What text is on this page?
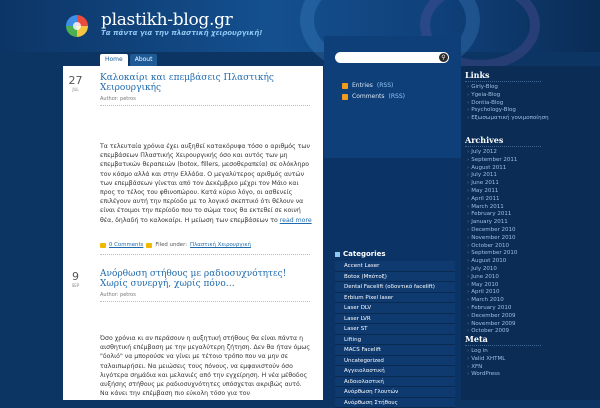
plastikh-blog.gr
Τα πάντα για την πλαστική χειρουργική!
Home	About
27
JUL
Καλοκαίρι και επεμβάσεις Πλαστικής Χειρουργικής
Author: petros
Τα τελευταία χρόνια έχει αυξηθεί κατακόρυφα τόσο ο αριθμός των επεμβάσεων Πλαστικής Χειρουργικής όσο και αυτός των μη επεμβατικών θεραπειών (botox, fillers, μεσοθεραπεία) σε ολόκληρο τον κόσμο αλλά και στην Ελλάδα. Ο μεγαλύτερος αριθμός αυτών των επεμβάσεων γίνεται από τον Δεκέμβριο μέχρι τον Μάιο και προς το τέλος του φθινοπώρου. Κατά κύριο λόγο, οι ασθενείς επιλέγουν αυτή την περίοδο με το λογικό σκεπτικό ότι θέλουν να είναι έτοιμοι την περίοδο που το σώμα τους θα εκτεθεί σε κοινή θέα, δηλαδή το καλοκαίρι. Η μείωση των επεμβάσεων το read more
0 Comments Filed under: Πλαστική Χειρουργική
9
SEP
Ανόρθωση στήθους με ραδιοσυχνότητες! Χωρίς συνεργή, χωρίς πόνο…
Author: petros
Όσο χρόνια κι αν περάσουν η αυξητική στήθους θα είναι πάντα η αισθητική επέμβαση με την μεγαλύτερη ζήτηση. Δεν θα ήταν όμως "δολιό" να μπορούσε να γίνει με τέτοιο τρόπο που να μην σε ταλαιπωρήσει. Να μειώσεις τους πόνους, να εμφανιστούν όσο λιγότερα σημάδια και μελανιές από την εγχείρηση. Η νέα μέθοδος αυξήσης στήθους με ραδιοσυχνότητες υπόσχεται ακριβώς αυτό. Να κάνει την επέμβαση πιο εύκολη τόσο για τον
⚲
Entries (RSS)
Comments (RSS)
Categories
Accent Laser
Botox (Μπότοξ)
Dental Facelift (οδοντικό facelift)
Erbium Pixel laser
Laser DLV
Laser LVR
Laser ST
Lifting
MACS Facelift
Uncategorized
Αγγειολαστική
Αιδοιολαστική
Ανόρθωση Γλουτών
Ανόρθωση Στήθους
Links
› Girly-Blog
› Ygeia-Blog
› Dontia-Blog
› Psychology-Blog
› Εξωσωματική γονιμοποίηση
Archives
› July 2012
› September 2011
› August 2011
› July 2011
› June 2011
› May 2011
› April 2011
› March 2011
› February 2011
› January 2011
› December 2010
› November 2010
› October 2010
› September 2010
› August 2010
› July 2010
› June 2010
› May 2010
› April 2010
› March 2010
› February 2010
› December 2009
› November 2009
› October 2009
Meta
› Log in
› Valid XHTML
› XFN
› WordPress
